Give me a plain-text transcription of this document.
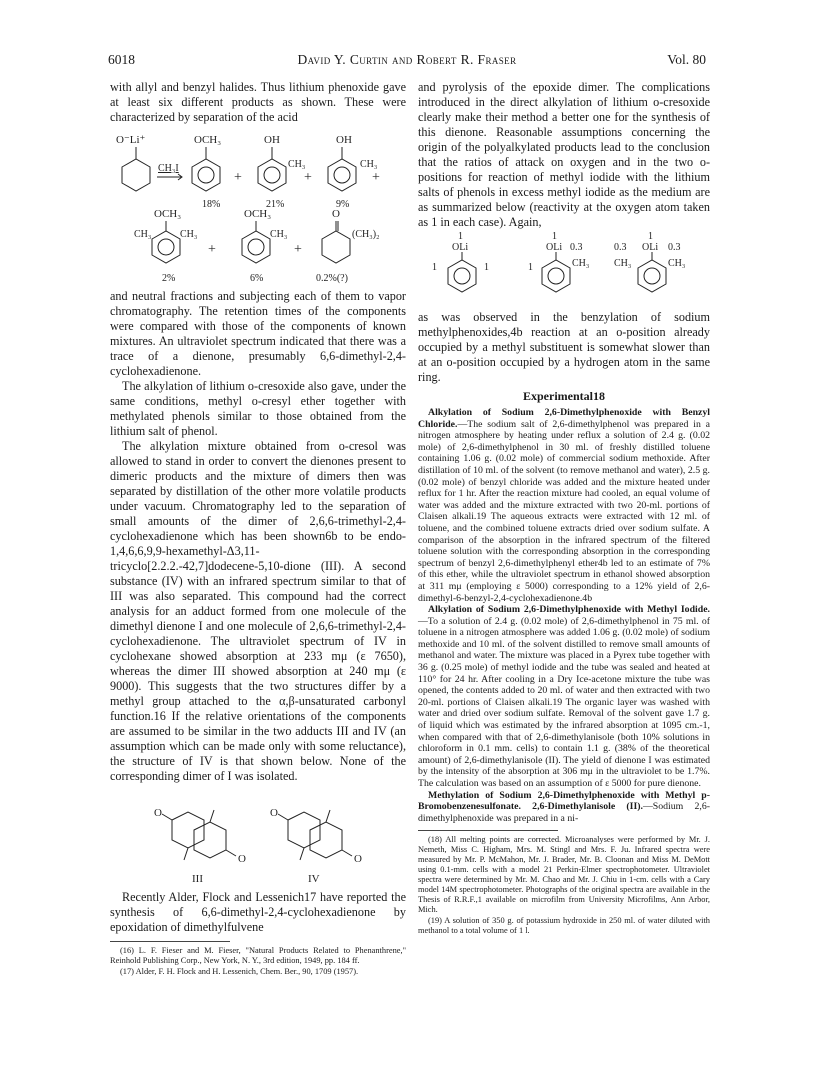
6018	David Y. Curtin and Robert R. Fraser	Vol. 80

with allyl and benzyl halides. Thus lithium phenoxide gave at least six different products as shown. These were characterized by separation of the acid

O⁻Li⁺	OCH₃	OH	OH
CH₃I	CH₃	CH₃
+	+	+
18%	21%	9%
OCH₃	OCH₃	O
CH₃	CH₃	CH₃	(CH₃)₂
+	+
2%	6%	0.2%(?)

and neutral fractions and subjecting each of them to vapor chromatography. The retention times of the components were compared with those of the components of known mixtures. An ultraviolet spectrum indicated that there was a trace of a dienone, presumably 6,6-dimethyl-2,4-cyclohexadienone.

The alkylation of lithium o-cresoxide also gave, under the same conditions, methyl o-cresyl ether together with methylated phenols similar to those obtained from the lithium salt of phenol.

The alkylation mixture obtained from o-cresol was allowed to stand in order to convert the dienones present to dimeric products and the mixture of dimers then was separated by distillation of the other more volatile products under vacuum. Chromatography led to the separation of small amounts of the dimer of 2,6,6-trimethyl-2,4-cyclohexadienone which has been shown6b to be endo-1,4,6,6,9,9-hexamethyl-Δ3,11-tricyclo[2.2.2.-42,7]dodecene-5,10-dione (III). A second substance (IV) with an infrared spectrum similar to that of III was also separated. This compound had the correct analysis for an adduct formed from one molecule of the dimethyl dienone I and one molecule of 2,6,6-trimethyl-2,4-cyclohexadienone. The ultraviolet spectrum of IV in cyclohexane showed absorption at 233 mμ (ε 7650), whereas the dimer III showed absorption at 240 mμ (ε 9000). This suggests that the two structures differ by a methyl group attached to the α,β-unsaturated carbonyl function.16 If the relative orientations of the components are assumed to be similar in the two adducts III and IV (an assumption which can be made only with some reluctance), the structure of IV is that shown below. None of the corresponding dimer of I was isolated.

O
O
O
O
III	IV

Recently Alder, Flock and Lessenich17 have reported the synthesis of 6,6-dimethyl-2,4-cyclohexadienone by epoxidation of dimethylfulvene

(16) L. F. Fieser and M. Fieser, "Natural Products Related to Phenanthrene," Reinhold Publishing Corp., New York, N. Y., 3rd edition, 1949, pp. 184 ff.

(17) Alder, F. H. Flock and H. Lessenich, Chem. Ber., 90, 1709 (1957).

and pyrolysis of the epoxide dimer. The complications introduced in the direct alkylation of lithium o-cresoxide clearly make their method a better one for the synthesis of this dienone. Reasonable assumptions concerning the origin of the polyalkylated products lead to the conclusion that the ratios of attack on oxygen and in the two o-positions for reaction of methyl iodide with the lithium salts of phenols in excess methyl iodide as the medium are as summarized below (reactivity at the oxygen atom taken as 1 in each case). Again,

1	1	1
OLi	OLi	OLi
0.3	0.3	0.3
1	1	1	CH₃ CH₃	CH₃

as was observed in the benzylation of sodium methylphenoxides,4b reaction at an o-position already occupied by a methyl substituent is somewhat slower than at an o-position occupied by a hydrogen atom in the same ring.

Experimental18

Alkylation of Sodium 2,6-Dimethylphenoxide with Benzyl Chloride.—The sodium salt of 2,6-dimethylphenol was prepared in a nitrogen atmosphere by heating under reflux a solution of 2.4 g. (0.02 mole) of 2,6-dimethylphenol in 30 ml. of freshly distilled toluene containing 1.06 g. (0.02 mole) of commercial sodium methoxide. After distillation of 10 ml. of the solvent (to remove methanol and water), 2.5 g. (0.02 mole) of benzyl chloride was added and the mixture heated under reflux for 1 hr. After the reaction mixture had cooled, an equal volume of water was added and the mixture extracted with two 20-ml. portions of Claisen alkali.19 The aqueous extracts were extracted with 12 ml. of toluene, and the combined toluene extracts dried over sodium sulfate. A comparison of the absorption in the infrared spectrum of the filtered toluene solution with the corresponding absorption in the corresponding spectrum of benzyl 2,6-dimethylphenyl ether4b led to an estimate of 7% of this ether, while the ultraviolet spectrum in ethanol showed absorption at 311 mμ (employing ε 5000) corresponding to a 12% yield of 2,6-dimethyl-6-benzyl-2,4-cyclohexadienone.4b

Alkylation of Sodium 2,6-Dimethylphenoxide with Methyl Iodide.—To a solution of 2.4 g. (0.02 mole) of 2,6-dimethylphenol in 75 ml. of toluene in a nitrogen atmosphere was added 1.06 g. (0.02 mole) of sodium methoxide and 10 ml. of the solvent distilled to remove small amounts of methanol and water. The mixture was placed in a Pyrex tube together with 36 g. (0.25 mole) of methyl iodide and the tube was sealed and heated at 110° for 24 hr. After cooling in a Dry Ice-acetone mixture the tube was opened, the contents added to 20 ml. of water and then extracted with two 20-ml. portions of Claisen alkali.19 The organic layer was washed with water and dried over sodium sulfate. Removal of the solvent gave 1.7 g. of liquid which was estimated by the infrared absorption at 1095 cm.-1, when compared with that of 2,6-dimethylanisole (both 10% solutions in chloroform in 0.1 mm. cells) to contain 1.1 g. (38% of the theoretical amount) of 2,6-dimethylanisole (II). The yield of dienone I was estimated by the intensity of the absorption at 306 mμ in the ultraviolet to be 1.7%. The calculation was based on an assumption of ε 5000 for pure dienone.

Methylation of Sodium 2,6-Dimethylphenoxide with Methyl p-Bromobenzenesulfonate. 2,6-Dimethylanisole (II).—Sodium 2,6-dimethylphenoxide was prepared in a ni-

(18) All melting points are corrected. Microanalyses were performed by Mr. J. Nemeth, Miss C. Higham, Mrs. M. Stingl and Mrs. F. Ju. Infrared spectra were measured by Mr. P. McMahon, Mr. J. Brader, Mr. B. Cloonan and Miss M. DeMott using 0.1-mm. cells with a model 21 Perkin-Elmer spectrophotometer. Ultraviolet spectra were determined by Mr. M. Chao and Mr. J. Chiu in 1-cm. cells with a Cary model 14M spectrophotometer. Photographs of the original spectra are available in the Thesis of R.R.F.,1 available on microfilm from University Microfilms, Ann Arbor, Mich.

(19) A solution of 350 g. of potassium hydroxide in 250 ml. of water diluted with methanol to a total volume of 1 l.
